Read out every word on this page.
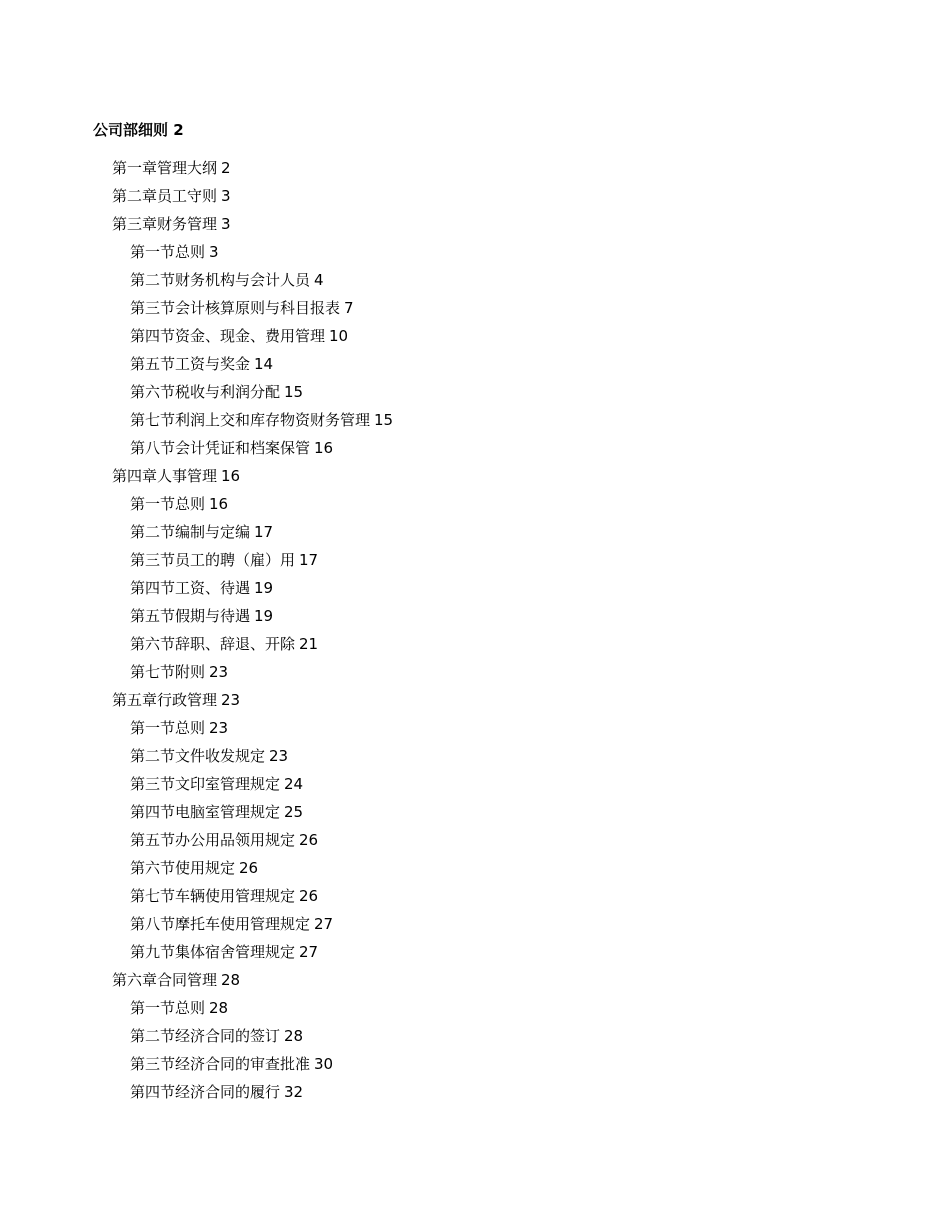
公司部细则 2
第一章管理大纲 2
第二章员工守则 3
第三章财务管理 3
第一节总则 3
第二节财务机构与会计人员 4
第三节会计核算原则与科目报表 7
第四节资金、现金、费用管理 10
第五节工资与奖金 14
第六节税收与利润分配 15
第七节利润上交和库存物资财务管理 15
第八节会计凭证和档案保管 16
第四章人事管理 16
第一节总则 16
第二节编制与定编 17
第三节员工的聘（雇）用 17
第四节工资、待遇 19
第五节假期与待遇 19
第六节辞职、辞退、开除 21
第七节附则 23
第五章行政管理 23
第一节总则 23
第二节文件收发规定 23
第三节文印室管理规定 24
第四节电脑室管理规定 25
第五节办公用品领用规定 26
第六节使用规定 26
第七节车辆使用管理规定 26
第八节摩托车使用管理规定 27
第九节集体宿舍管理规定 27
第六章合同管理 28
第一节总则 28
第二节经济合同的签订 28
第三节经济合同的审查批准 30
第四节经济合同的履行 32
